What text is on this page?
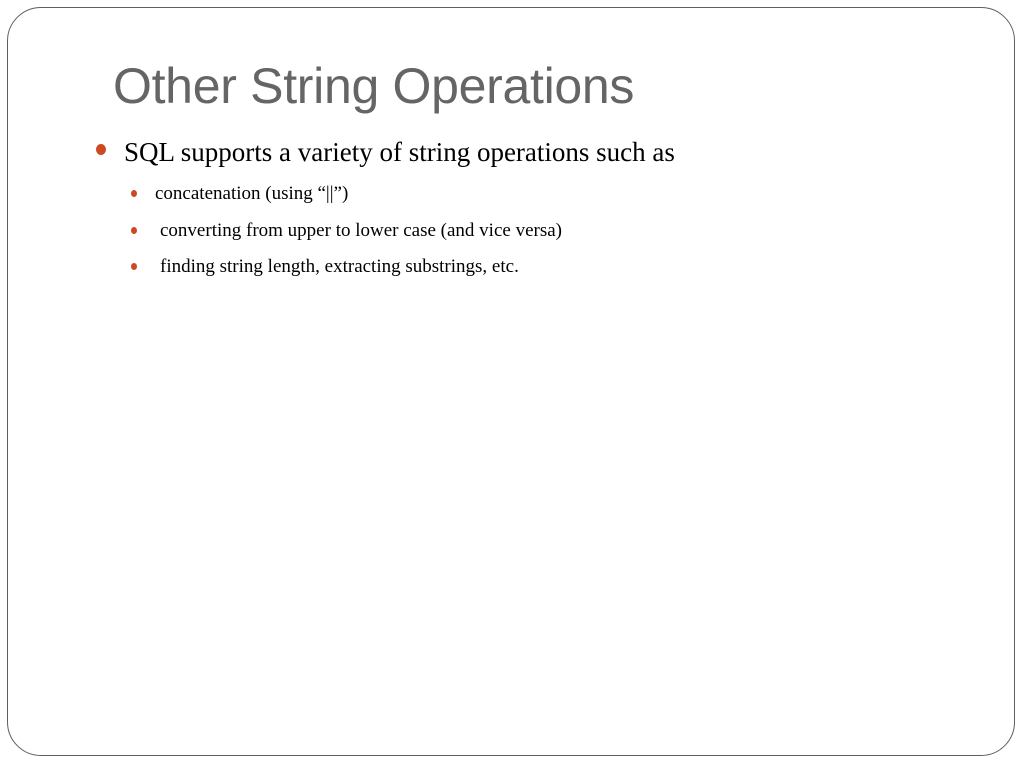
Other String Operations
SQL supports a variety of string operations such as
concatenation (using “||”)
converting from upper to lower case (and vice versa)
finding string length, extracting substrings, etc.
